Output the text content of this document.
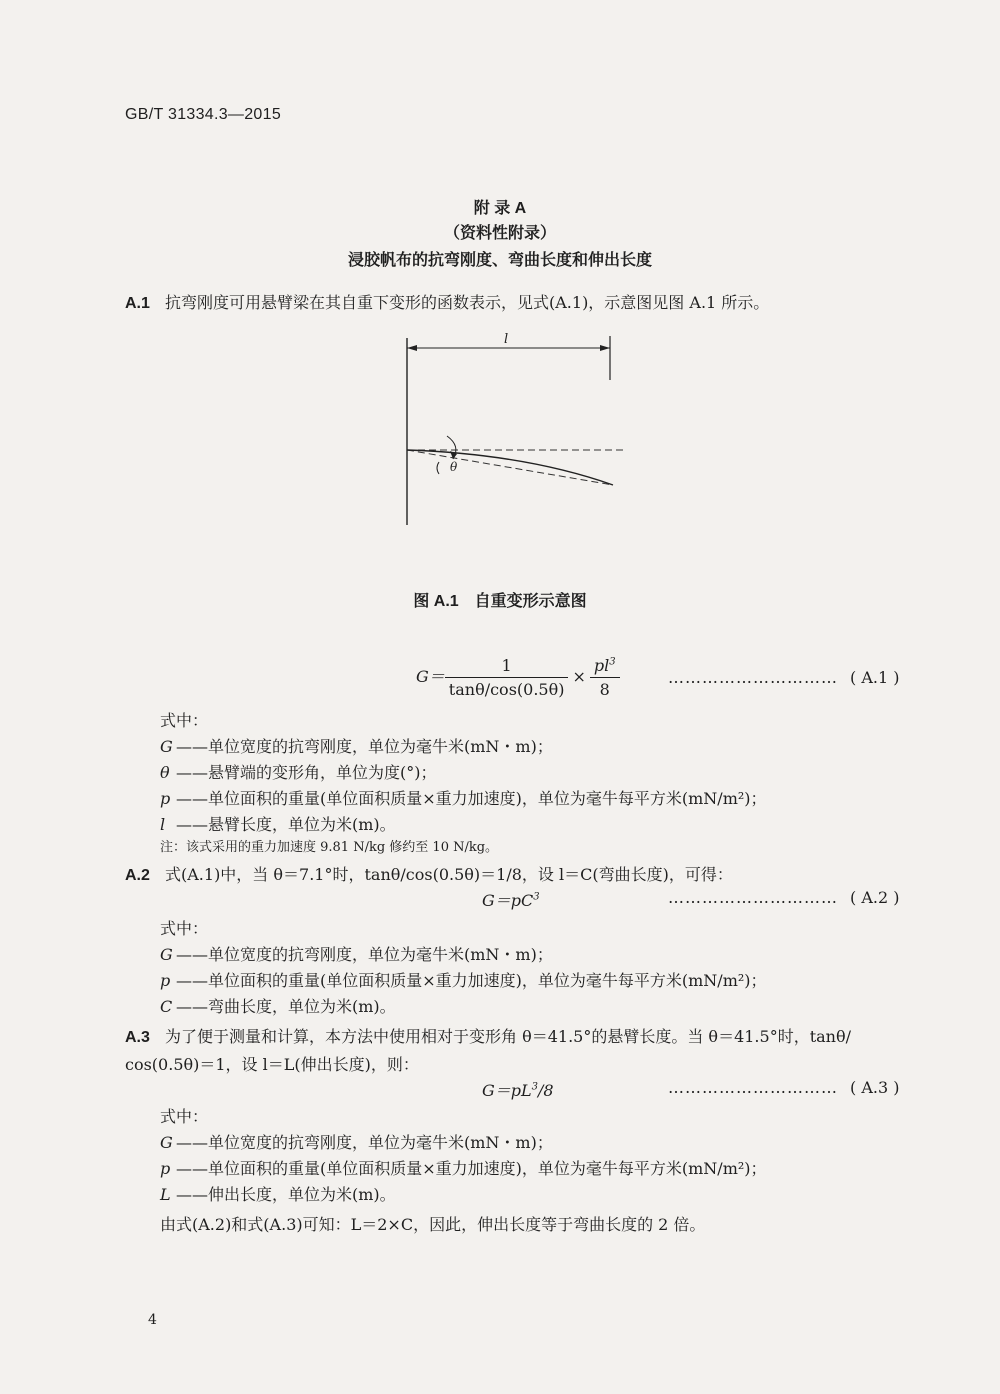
GB/T 31334.3—2015
附 录 A
（资料性附录）
浸胶帆布的抗弯刚度、弯曲长度和伸出长度
A.1 抗弯刚度可用悬臂梁在其自重下变形的函数表示，见式(A.1)，示意图见图 A.1 所示。
l
θ
图 A.1　自重变形示意图
$G= \frac{1}{\tan\theta/\cos(0.5\theta)} \times \frac{pl^3}{8}$	………………………… ( A.1 )
式中：
G ——单位宽度的抗弯刚度，单位为毫牛米(mN・m)；
θ ——悬臂端的变形角，单位为度(°)；
p ——单位面积的重量(单位面积质量×重力加速度)，单位为毫牛每平方米(mN/m²)；
l ——悬臂长度，单位为米(m)。
注：该式采用的重力加速度 9.81 N/kg 修约至 10 N/kg。
A.2 式(A.1)中，当 θ＝7.1°时，tanθ/cos(0.5θ)＝1/8，设 l＝C(弯曲长度)，可得：
$G=pC^3$	………………………… ( A.2 )
式中：
G ——单位宽度的抗弯刚度，单位为毫牛米(mN・m)；
p ——单位面积的重量(单位面积质量×重力加速度)，单位为毫牛每平方米(mN/m²)；
C ——弯曲长度，单位为米(m)。
A.3 为了便于测量和计算，本方法中使用相对于变形角 θ＝41.5°的悬臂长度。当 θ＝41.5°时，tanθ/
cos(0.5θ)＝1，设 l＝L(伸出长度)，则：
$G=pL^3/8$	………………………… ( A.3 )
式中：
G ——单位宽度的抗弯刚度，单位为毫牛米(mN・m)；
p ——单位面积的重量(单位面积质量×重力加速度)，单位为毫牛每平方米(mN/m²)；
L ——伸出长度，单位为米(m)。
由式(A.2)和式(A.3)可知：L＝2×C，因此，伸出长度等于弯曲长度的 2 倍。
4
